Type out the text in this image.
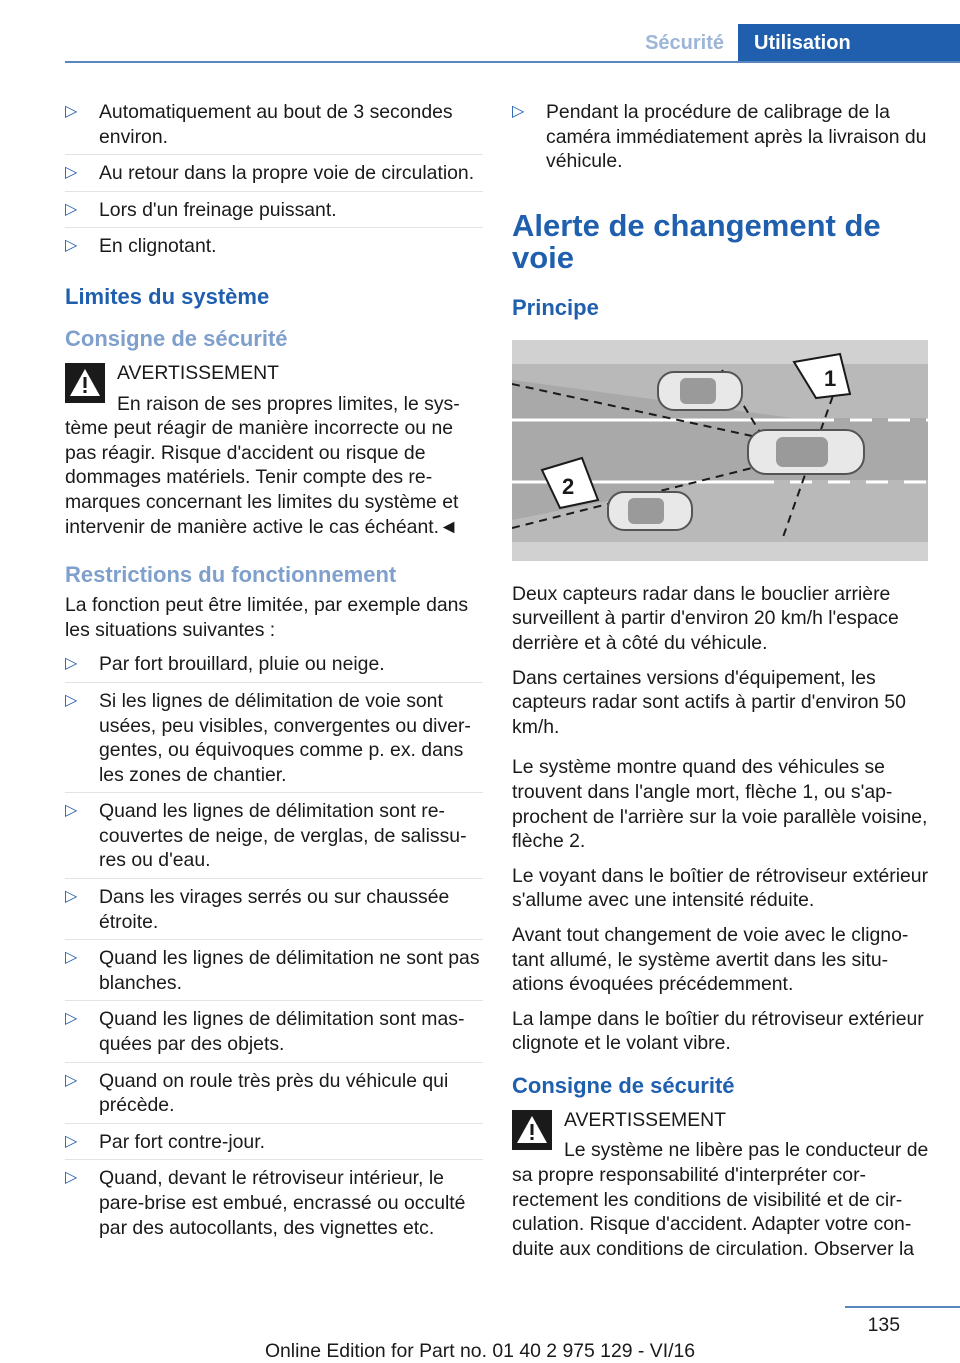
Sécurité	Utilisation
▷ Automatiquement au bout de 3 secondes environ.
▷ Au retour dans la propre voie de circulation.
▷ Lors d'un freinage puissant.
▷ En clignotant.
Limites du système
Consigne de sécurité

AVERTISSEMENT

En raison de ses propres limites, le système peut réagir de manière incorrecte ou ne pas réagir. Risque d'accident ou risque de dommages matériels. Tenir compte des remarques concernant les limites du système et intervenir de manière active le cas échéant.◄

Restrictions du fonctionnement

La fonction peut être limitée, par exemple dans les situations suivantes :

▷ Par fort brouillard, pluie ou neige.
▷ Si les lignes de délimitation de voie sont usées, peu visibles, convergentes ou divergentes, ou équivoques comme p. ex. dans les zones de chantier.
▷ Quand les lignes de délimitation sont recouvertes de neige, de verglas, de salissures ou d'eau.
▷ Dans les virages serrés ou sur chaussée étroite.
▷ Quand les lignes de délimitation ne sont pas blanches.
▷ Quand les lignes de délimitation sont masquées par des objets.
▷ Quand on roule très près du véhicule qui précède.
▷ Par fort contre-jour.
▷ Quand, devant le rétroviseur intérieur, le pare-brise est embué, encrassé ou occulté par des autocollants, des vignettes etc.
▷ Pendant la procédure de calibrage de la caméra immédiatement après la livraison du véhicule.
Alerte de changement de voie
Principe
1
2

Deux capteurs radar dans le bouclier arrière surveillent à partir d'environ 20 km/h l'espace derrière et à côté du véhicule.

Dans certaines versions d'équipement, les capteurs radar sont actifs à partir d'environ 50 km/h.

Le système montre quand des véhicules se trouvent dans l'angle mort, flèche 1, ou s'approchent de l'arrière sur la voie parallèle voisine, flèche 2.

Le voyant dans le boîtier de rétroviseur extérieur s'allume avec une intensité réduite.

Avant tout changement de voie avec le clignotant allumé, le système avertit dans les situations évoquées précédemment.

La lampe dans le boîtier du rétroviseur extérieur clignote et le volant vibre.

Consigne de sécurité

AVERTISSEMENT

Le système ne libère pas le conducteur de sa propre responsabilité d'interpréter correctement les conditions de visibilité et de circulation. Risque d'accident. Adapter votre conduite aux conditions de circulation. Observer la

135
Online Edition for Part no. 01 40 2 975 129 - VI/16
